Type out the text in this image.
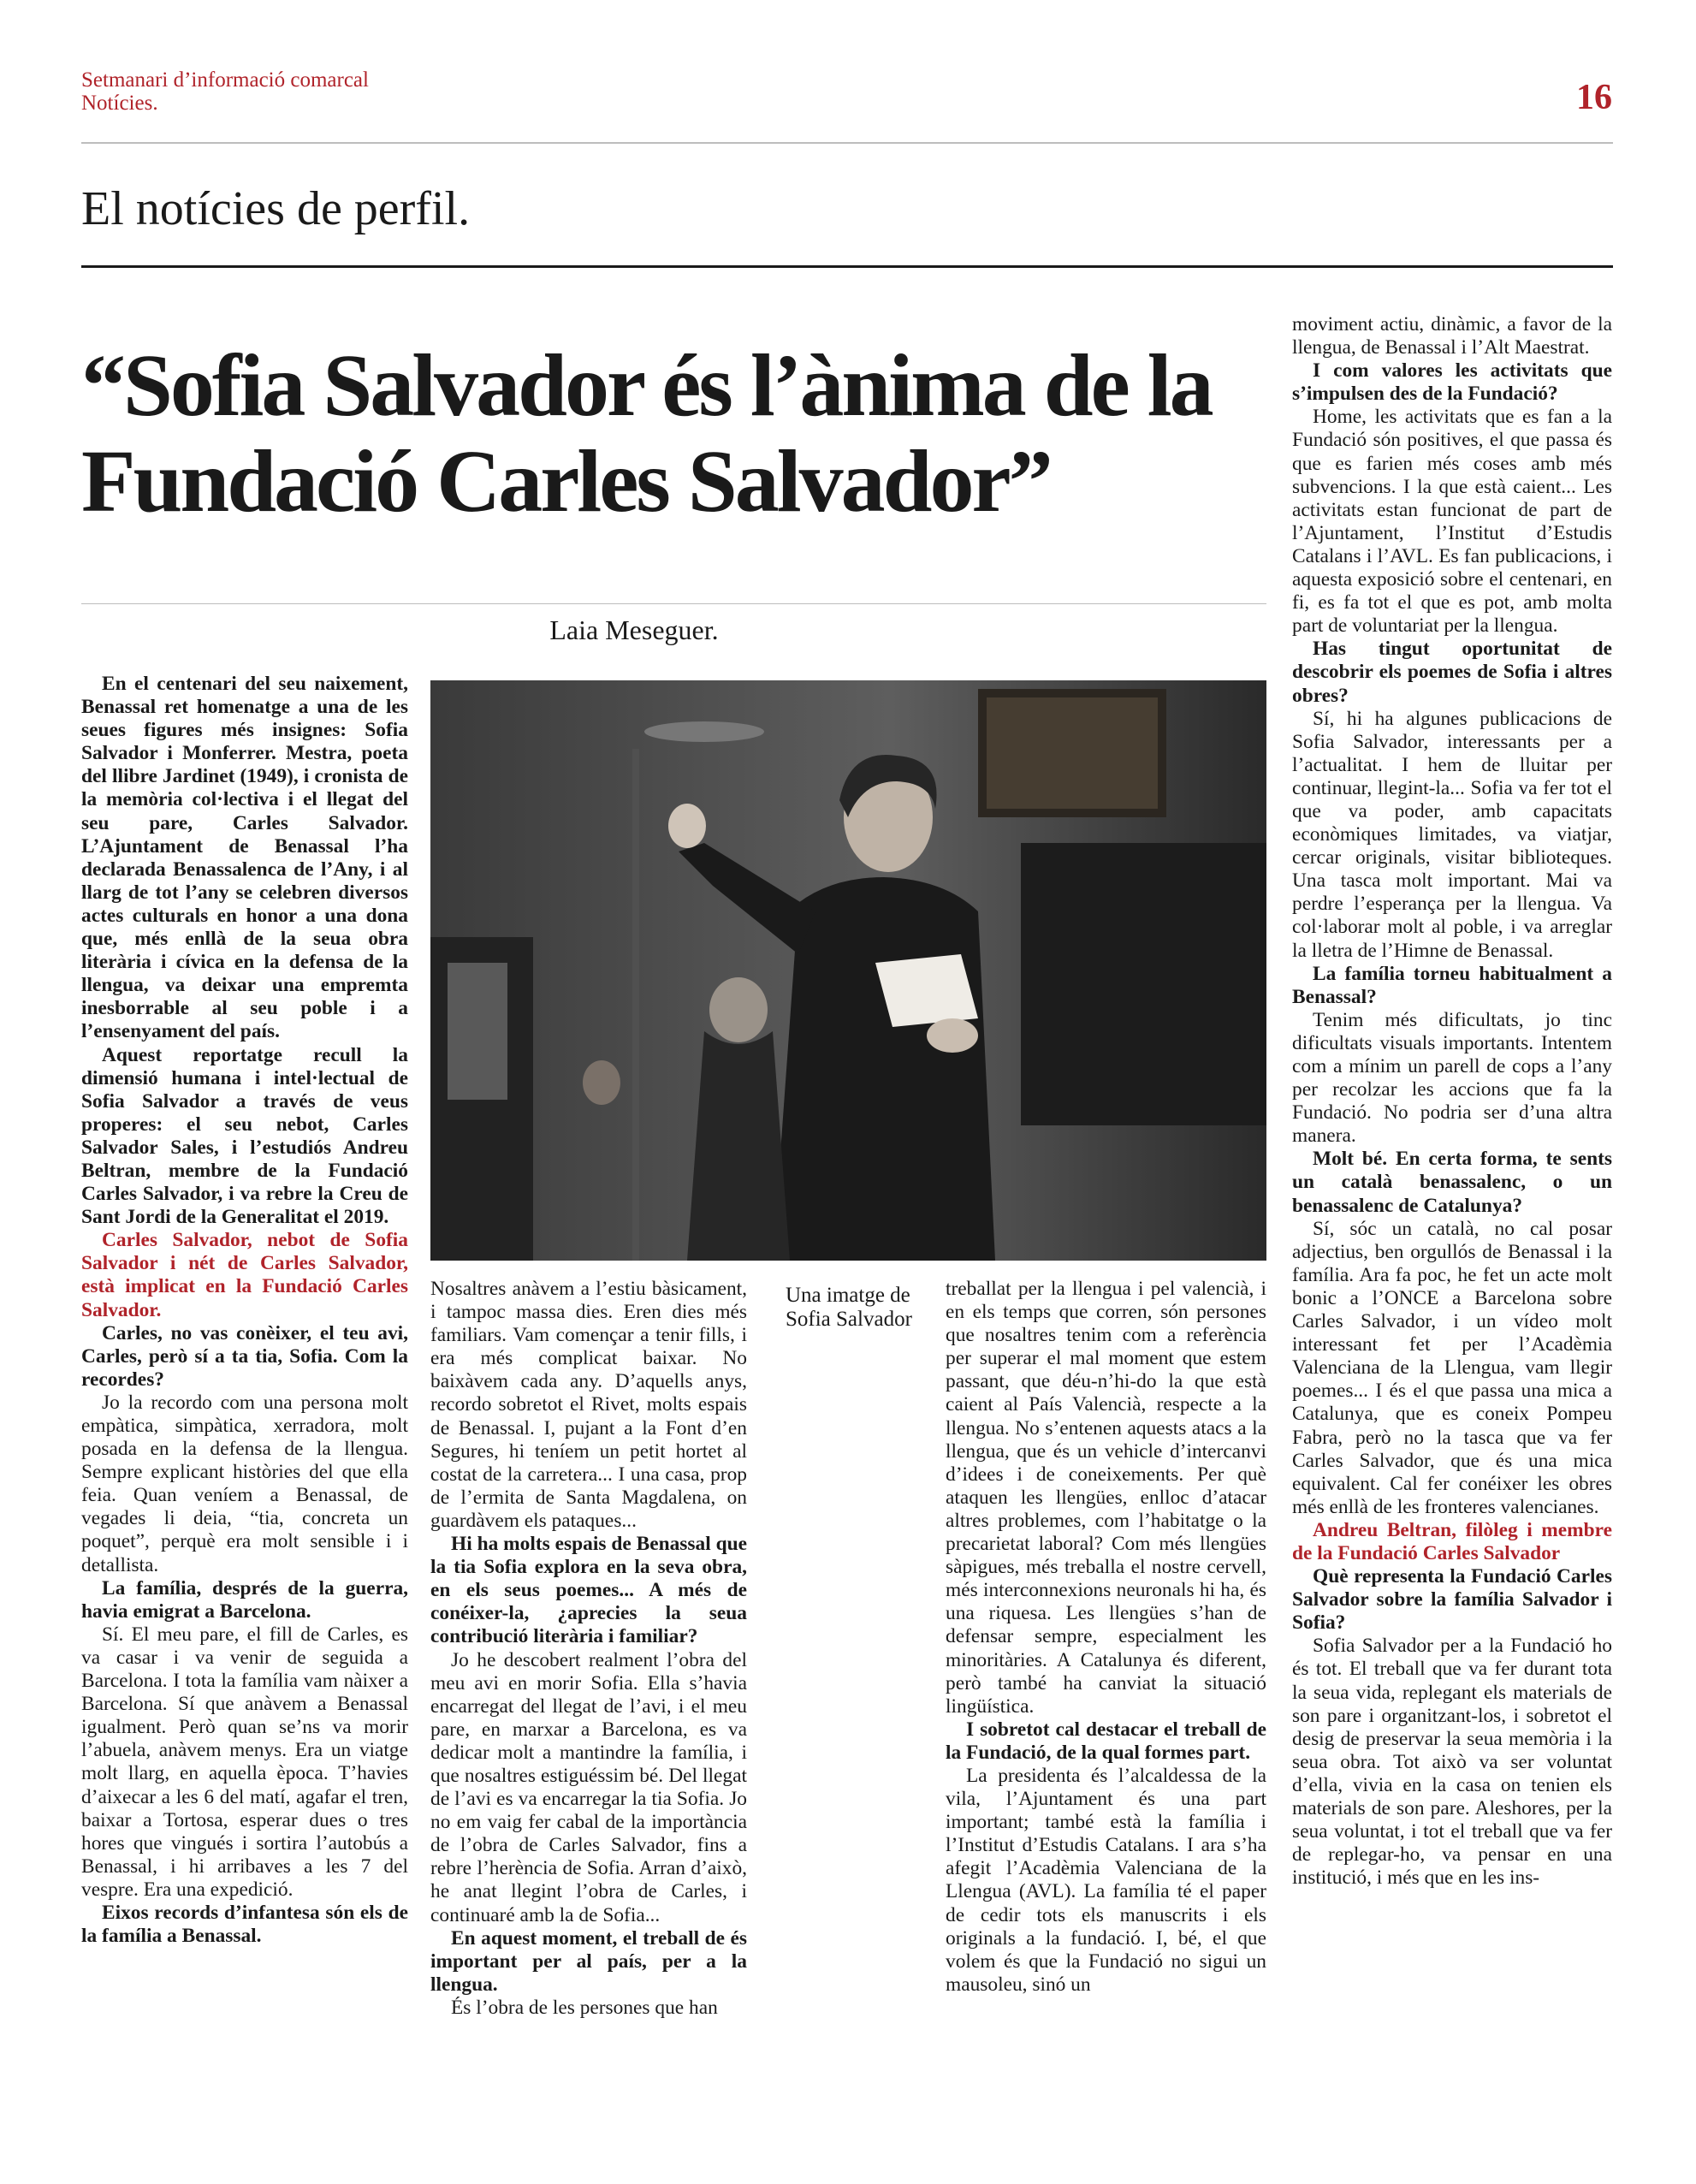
Setmanari d’informació comarcal
Notícies.	16
El notícies de perfil.
“Sofia Salvador és l’ànima de la Fundació Carles Salvador”
Laia Meseguer.
Una imatge de Sofia Salvador

En el centenari del seu naixement, Benassal ret homenatge a una de les seues figures més insignes: Sofia Salvador i Monferrer. Mestra, poeta del llibre Jardinet (1949), i cronista de la memòria col·lectiva i el llegat del seu pare, Carles Salvador. L’Ajuntament de Benassal l’ha declarada Benassalenca de l’Any, i al llarg de tot l’any se celebren diversos actes culturals en honor a una dona que, més enllà de la seua obra literària i cívica en la defensa de la llengua, va deixar una empremta inesborrable al seu poble i a l’ensenyament del país.

Aquest reportatge recull la dimensió humana i intel·lectual de Sofia Salvador a través de veus properes: el seu nebot, Carles Salvador Sales, i l’estudiós Andreu Beltran, membre de la Fundació Carles Salvador, i va rebre la Creu de Sant Jordi de la Generalitat el 2019.

Carles Salvador, nebot de Sofia Salvador i nét de Carles Salvador, està implicat en la Fundació Carles Salvador.

Carles, no vas conèixer, el teu avi, Carles, però sí a ta tia, Sofia. Com la recordes?

Jo la recordo com una persona molt empàtica, simpàtica, xerradora, molt posada en la defensa de la llengua. Sempre explicant històries del que ella feia. Quan veníem a Benassal, de vegades li deia, “tia, concreta un poquet”, perquè era molt sensible i i detallista.

La família, després de la guerra, havia emigrat a Barcelona.

Sí. El meu pare, el fill de Carles, es va casar i va venir de seguida a Barcelona. I tota la família vam nàixer a Barcelona. Sí que anàvem a Benassal igualment. Però quan se’ns va morir l’abuela, anàvem menys. Era un viatge molt llarg, en aquella època. T’havies d’aixecar a les 6 del matí, agafar el tren, baixar a Tortosa, esperar dues o tres hores que vingués i sortira l’autobús a Benassal, i hi arribaves a les 7 del vespre. Era una expedició.

Eixos records d’infantesa són els de la família a Benassal.

Nosaltres anàvem a l’estiu bàsicament, i tampoc massa dies. Eren dies més familiars. Vam començar a tenir fills, i era més complicat baixar. No baixàvem cada any. D’aquells anys, recordo sobretot el Rivet, molts espais de Benassal. I, pujant a la Font d’en Segures, hi teníem un petit hortet al costat de la carretera... I una casa, prop de l’ermita de Santa Magdalena, on guardàvem els pataques...

Hi ha molts espais de Benassal que la tia Sofia explora en la seva obra, en els seus poemes... A més de conéixer-la, ¿aprecies la seua contribució literària i familiar?

Jo he descobert realment l’obra del meu avi en morir Sofia. Ella s’havia encarregat del llegat de l’avi, i el meu pare, en marxar a Barcelona, es va dedicar molt a mantindre la família, i que nosaltres estiguéssim bé. Del llegat de l’avi es va encarregar la tia Sofia. Jo no em vaig fer cabal de la importància de l’obra de Carles Salvador, fins a rebre l’herència de Sofia. Arran d’això, he anat llegint l’obra de Carles, i continuaré amb la de Sofia...

En aquest moment, el treball de és important per al país, per a la llengua.

És l’obra de les persones que han

treballat per la llengua i pel valencià, i en els temps que corren, són persones que nosaltres tenim com a referència per superar el mal moment que estem passant, que déu-n’hi-do la que està caient al País Valencià, respecte a la llengua. No s’entenen aquests atacs a la llengua, que és un vehicle d’intercanvi d’idees i de coneixements. Per què ataquen les llengües, enlloc d’atacar altres problemes, com l’habitatge o la precarietat laboral? Com més llengües sàpigues, més treballa el nostre cervell, més interconnexions neuronals hi ha, és una riquesa. Les llengües s’han de defensar sempre, especialment les minoritàries. A Catalunya és diferent, però també ha canviat la situació lingüística.

I sobretot cal destacar el treball de la Fundació, de la qual formes part.

La presidenta és l’alcaldessa de la vila, l’Ajuntament és una part important; també està la família i l’Institut d’Estudis Catalans. I ara s’ha afegit l’Acadèmia Valenciana de la Llengua (AVL). La família té el paper de cedir tots els manuscrits i els originals a la fundació. I, bé, el que volem és que la Fundació no sigui un mausoleu, sinó un

moviment actiu, dinàmic, a favor de la llengua, de Benassal i l’Alt Maestrat.

I com valores les activitats que s’impulsen des de la Fundació?

Home, les activitats que es fan a la Fundació són positives, el que passa és que es farien més coses amb més subvencions. I la que està caient... Les activitats estan funcionat de part de l’Ajuntament, l’Institut d’Estudis Catalans i l’AVL. Es fan publicacions, i aquesta exposició sobre el centenari, en fi, es fa tot el que es pot, amb molta part de voluntariat per la llengua.

Has tingut oportunitat de descobrir els poemes de Sofia i altres obres?

Sí, hi ha algunes publicacions de Sofia Salvador, interessants per a l’actualitat. I hem de lluitar per continuar, llegint-la... Sofia va fer tot el que va poder, amb capacitats econòmiques limitades, va viatjar, cercar originals, visitar biblioteques. Una tasca molt important. Mai va perdre l’esperança per la llengua. Va col·laborar molt al poble, i va arreglar la lletra de l’Himne de Benassal.

La família torneu habitualment a Benassal?

Tenim més dificultats, jo tinc dificultats visuals importants. Intentem com a mínim un parell de cops a l’any per recolzar les accions que fa la Fundació. No podria ser d’una altra manera.

Molt bé. En certa forma, te sents un català benassalenc, o un benassalenc de Catalunya?

Sí, sóc un català, no cal posar adjectius, ben orgullós de Benassal i la família. Ara fa poc, he fet un acte molt bonic a l’ONCE a Barcelona sobre Carles Salvador, i un vídeo molt interessant fet per l’Acadèmia Valenciana de la Llengua, vam llegir poemes... I és el que passa una mica a Catalunya, que es coneix Pompeu Fabra, però no la tasca que va fer Carles Salvador, que és una mica equivalent. Cal fer conéixer les obres més enllà de les fronteres valencianes.

Andreu Beltran, filòleg i membre de la Fundació Carles Salvador

Què representa la Fundació Carles Salvador sobre la família Salvador i Sofia?

Sofia Salvador per a la Fundació ho és tot. El treball que va fer durant tota la seua vida, replegant els materials de son pare i organitzant-los, i sobretot el desig de preservar la seua memòria i la seua obra. Tot això va ser voluntat d’ella, vivia en la casa on tenien els materials de son pare. Aleshores, per la seua voluntat, i tot el treball que va fer de replegar-ho, va pensar en una institució, i més que en les ins-
